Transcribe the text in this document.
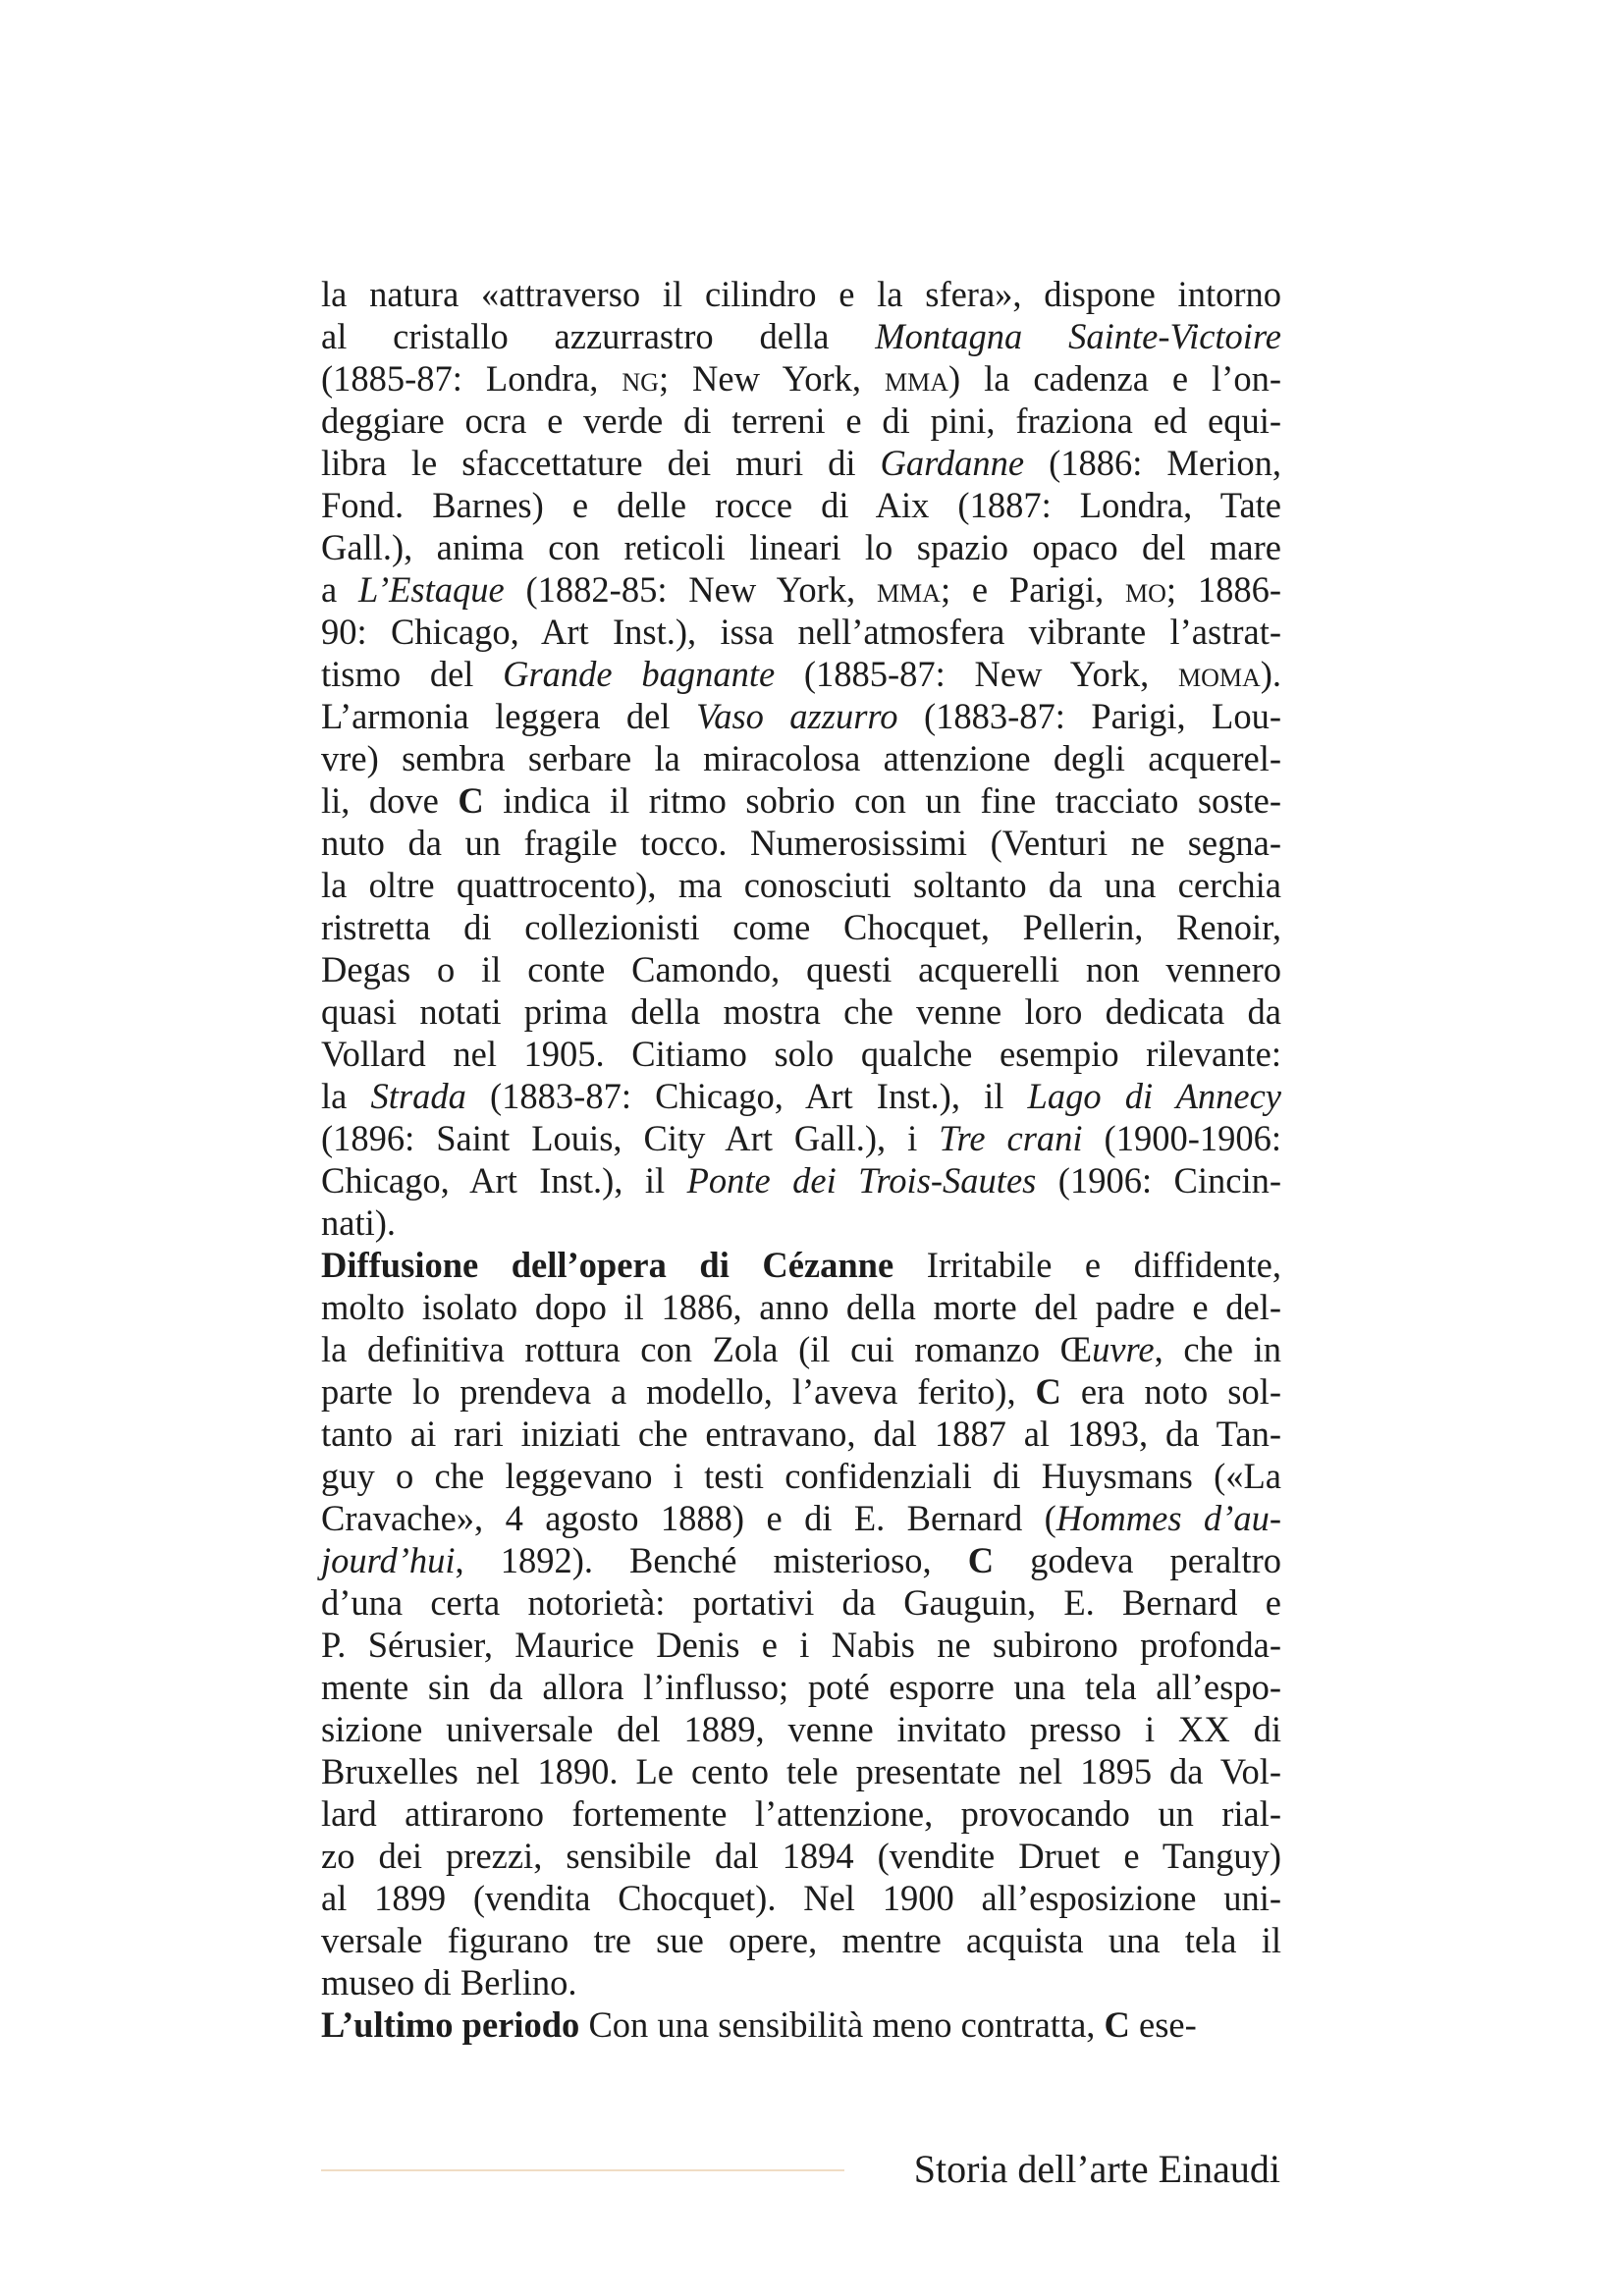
la natura «attraverso il cilindro e la sfera», dispone intorno
al cristallo azzurrastro della Montagna Sainte-Victoire
(1885-87: Londra, ng; New York, mma) la cadenza e l’on-
deggiare ocra e verde di terreni e di pini, fraziona ed equi-
libra le sfaccettature dei muri di Gardanne (1886: Merion,
Fond. Barnes) e delle rocce di Aix (1887: Londra, Tate
Gall.), anima con reticoli lineari lo spazio opaco del mare
a L’Estaque (1882-85: New York, mma; e Parigi, mo; 1886-
90: Chicago, Art Inst.), issa nell’atmosfera vibrante l’astrat-
tismo del Grande bagnante (1885-87: New York, moma).
L’armonia leggera del Vaso azzurro (1883-87: Parigi, Lou-
vre) sembra serbare la miracolosa attenzione degli acquerel-
li, dove C indica il ritmo sobrio con un fine tracciato soste-
nuto da un fragile tocco. Numerosissimi (Venturi ne segna-
la oltre quattrocento), ma conosciuti soltanto da una cerchia
ristretta di collezionisti come Chocquet, Pellerin, Renoir,
Degas o il conte Camondo, questi acquerelli non vennero
quasi notati prima della mostra che venne loro dedicata da
Vollard nel 1905. Citiamo solo qualche esempio rilevante:
la Strada (1883-87: Chicago, Art Inst.), il Lago di Annecy
(1896: Saint Louis, City Art Gall.), i Tre crani (1900-1906:
Chicago, Art Inst.), il Ponte dei Trois-Sautes (1906: Cincin-
nati).
Diffusione dell’opera di Cézanne Irritabile e diffidente,
molto isolato dopo il 1886, anno della morte del padre e del-
la definitiva rottura con Zola (il cui romanzo Œuvre, che in
parte lo prendeva a modello, l’aveva ferito), C era noto sol-
tanto ai rari iniziati che entravano, dal 1887 al 1893, da Tan-
guy o che leggevano i testi confidenziali di Huysmans («La
Cravache», 4 agosto 1888) e di E. Bernard (Hommes d’au-
jourd’hui, 1892). Benché misterioso, C godeva peraltro
d’una certa notorietà: portativi da Gauguin, E. Bernard e
P. Sérusier, Maurice Denis e i Nabis ne subirono profonda-
mente sin da allora l’influsso; poté esporre una tela all’espo-
sizione universale del 1889, venne invitato presso i XX di
Bruxelles nel 1890. Le cento tele presentate nel 1895 da Vol-
lard attirarono fortemente l’attenzione, provocando un rial-
zo dei prezzi, sensibile dal 1894 (vendite Druet e Tanguy)
al 1899 (vendita Chocquet). Nel 1900 all’esposizione uni-
versale figurano tre sue opere, mentre acquista una tela il
museo di Berlino.
L’ultimo periodo Con una sensibilità meno contratta, C ese-
Storia dell’arte Einaudi
